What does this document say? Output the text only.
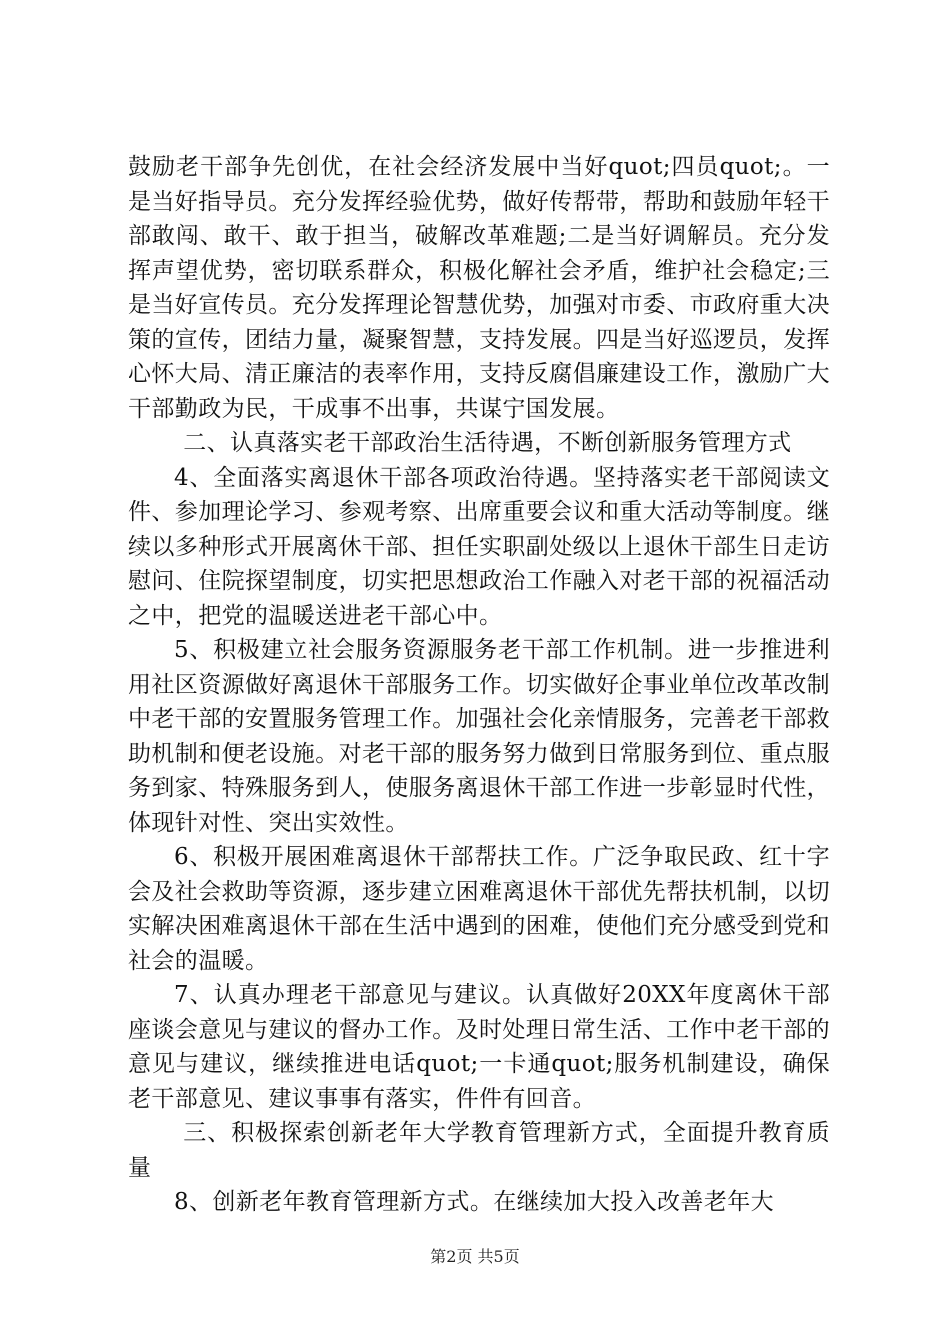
鼓励老干部争先创优，在社会经济发展中当好quot;四员quot;。一是当好指导员。充分发挥经验优势，做好传帮带，帮助和鼓励年轻干部敢闯、敢干、敢于担当，破解改革难题;二是当好调解员。充分发挥声望优势，密切联系群众，积极化解社会矛盾，维护社会稳定;三是当好宣传员。充分发挥理论智慧优势，加强对市委、市政府重大决策的宣传，团结力量，凝聚智慧，支持发展。四是当好巡逻员，发挥心怀大局、清正廉洁的表率作用，支持反腐倡廉建设工作，激励广大干部勤政为民，干成事不出事，共谋宁国发展。

二、认真落实老干部政治生活待遇，不断创新服务管理方式

4、全面落实离退休干部各项政治待遇。坚持落实老干部阅读文件、参加理论学习、参观考察、出席重要会议和重大活动等制度。继续以多种形式开展离休干部、担任实职副处级以上退休干部生日走访慰问、住院探望制度，切实把思想政治工作融入对老干部的祝福活动之中，把党的温暖送进老干部心中。

5、积极建立社会服务资源服务老干部工作机制。进一步推进利用社区资源做好离退休干部服务工作。切实做好企事业单位改革改制中老干部的安置服务管理工作。加强社会化亲情服务，完善老干部救助机制和便老设施。对老干部的服务努力做到日常服务到位、重点服务到家、特殊服务到人，使服务离退休干部工作进一步彰显时代性，体现针对性、突出实效性。

6、积极开展困难离退休干部帮扶工作。广泛争取民政、红十字会及社会救助等资源，逐步建立困难离退休干部优先帮扶机制，以切实解决困难离退休干部在生活中遇到的困难，使他们充分感受到党和社会的温暖。

7、认真办理老干部意见与建议。认真做好20XX年度离休干部座谈会意见与建议的督办工作。及时处理日常生活、工作中老干部的意见与建议，继续推进电话quot;一卡通quot;服务机制建设，确保老干部意见、建议事事有落实，件件有回音。

三、积极探索创新老年大学教育管理新方式，全面提升教育质量

8、创新老年教育管理新方式。在继续加大投入改善老年大

第2页 共5页
